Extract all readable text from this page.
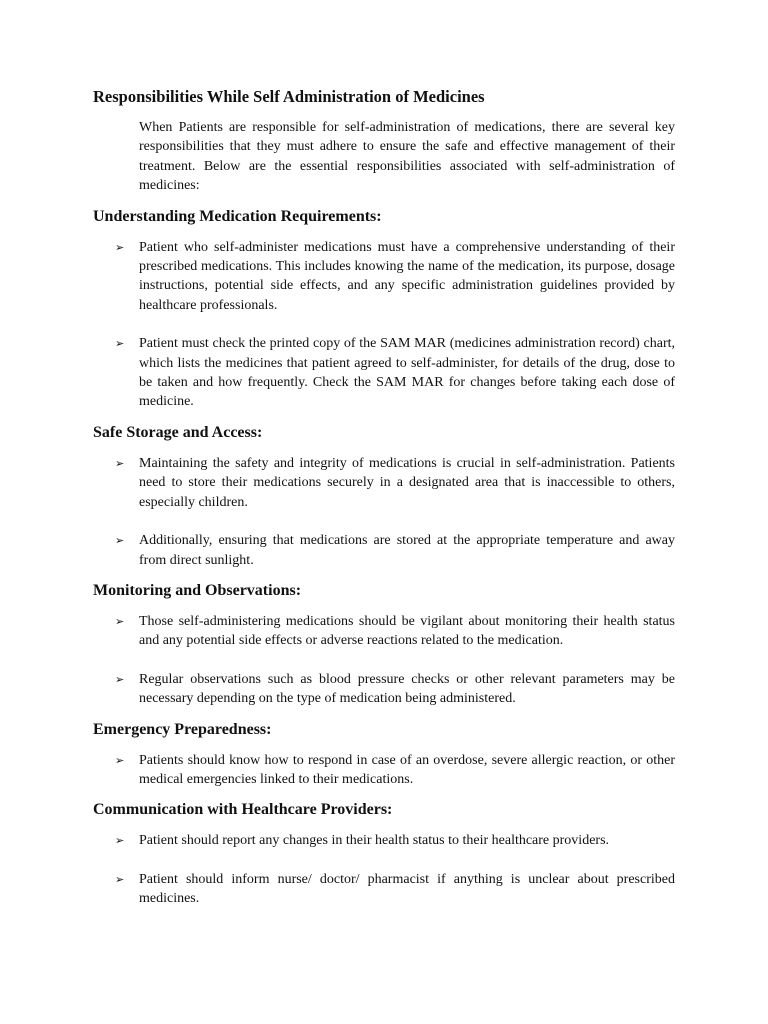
Responsibilities While Self Administration of Medicines

When Patients are responsible for self-administration of medications, there are several key responsibilities that they must adhere to ensure the safe and effective management of their treatment. Below are the essential responsibilities associated with self-administration of medicines:

Understanding Medication Requirements:
➢ Patient who self-administer medications must have a comprehensive understanding of their prescribed medications. This includes knowing the name of the medication, its purpose, dosage instructions, potential side effects, and any specific administration guidelines provided by healthcare professionals.
➢ Patient must check the printed copy of the SAM MAR (medicines administration record) chart, which lists the medicines that patient agreed to self-administer, for details of the drug, dose to be taken and how frequently. Check the SAM MAR for changes before taking each dose of medicine.
Safe Storage and Access:
➢ Maintaining the safety and integrity of medications is crucial in self-administration. Patients need to store their medications securely in a designated area that is inaccessible to others, especially children.
➢ Additionally, ensuring that medications are stored at the appropriate temperature and away from direct sunlight.
Monitoring and Observations:
➢ Those self-administering medications should be vigilant about monitoring their health status and any potential side effects or adverse reactions related to the medication.
➢ Regular observations such as blood pressure checks or other relevant parameters may be necessary depending on the type of medication being administered.
Emergency Preparedness:
➢ Patients should know how to respond in case of an overdose, severe allergic reaction, or other medical emergencies linked to their medications.
Communication with Healthcare Providers:
➢ Patient should report any changes in their health status to their healthcare providers.
➢ Patient should inform nurse/ doctor/ pharmacist if anything is unclear about prescribed medicines.
